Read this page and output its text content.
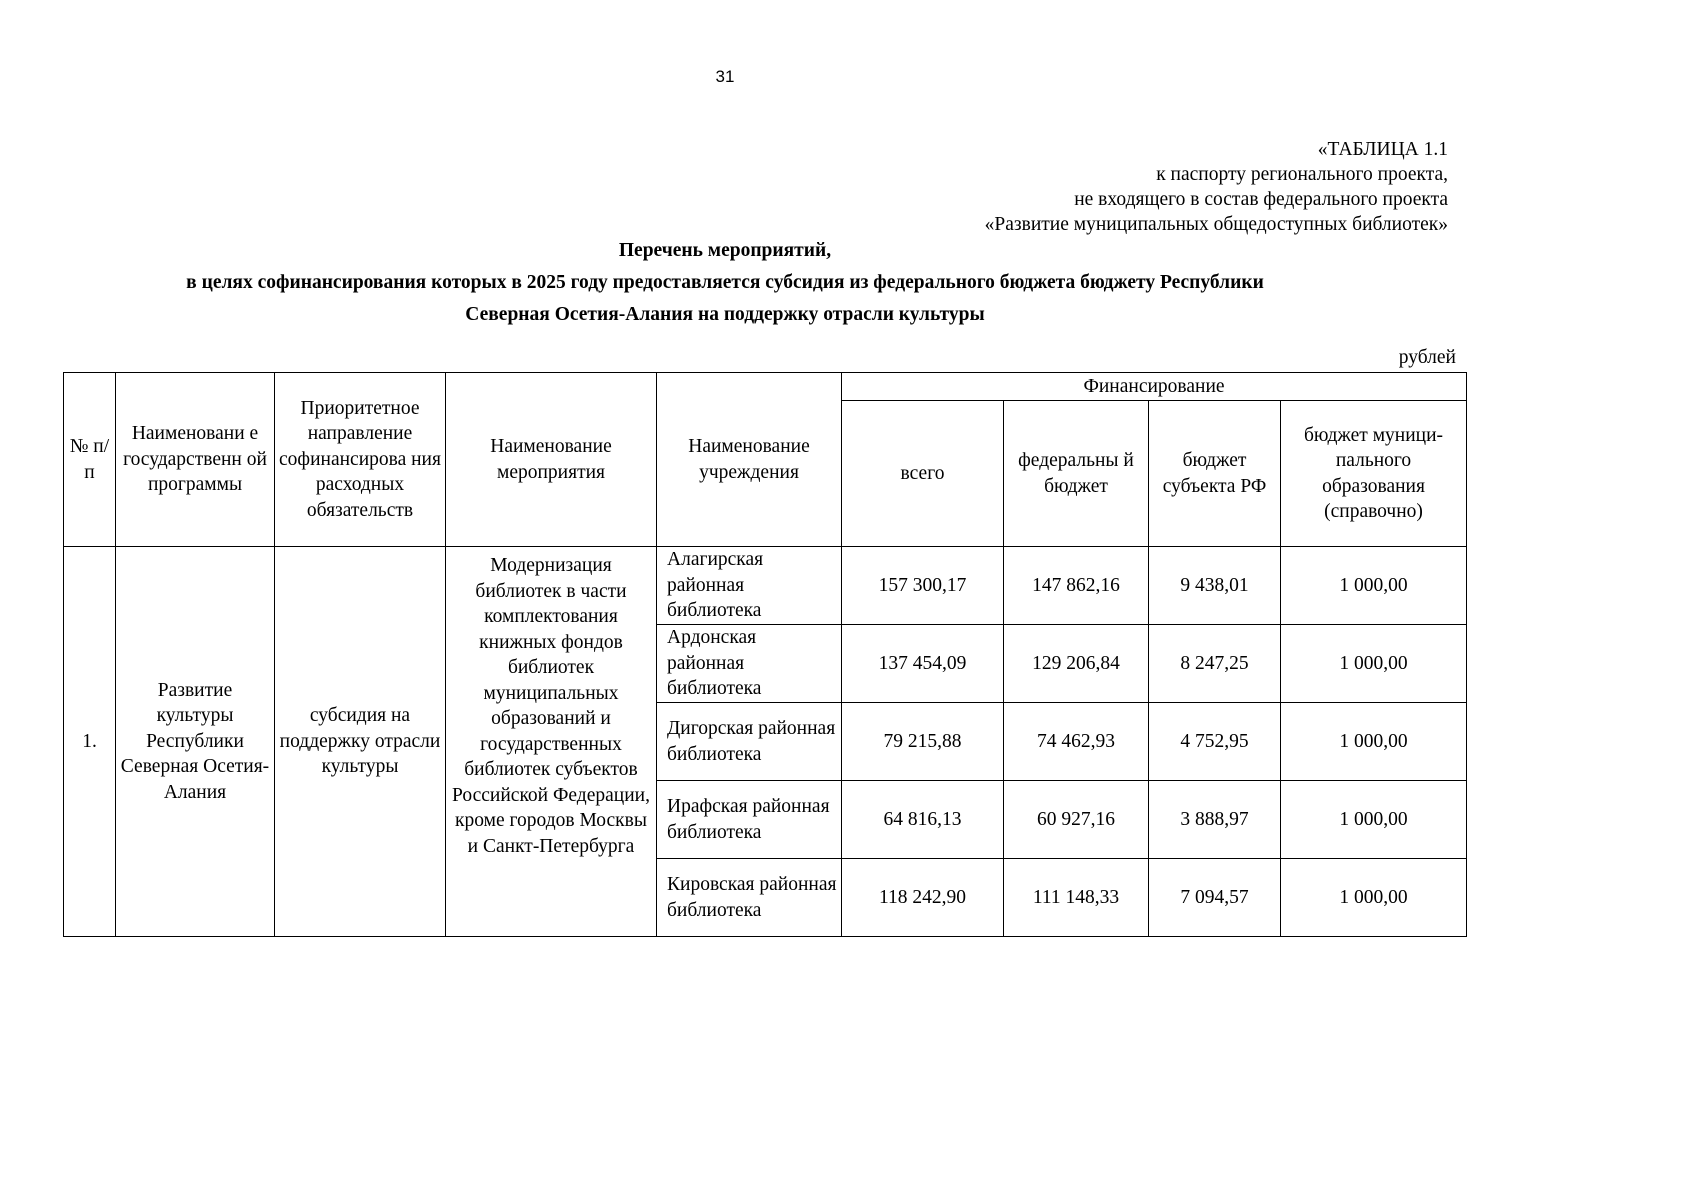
31
«ТАБЛИЦА 1.1
к паспорту регионального проекта,
не входящего в состав федерального проекта
«Развитие муниципальных общедоступных библиотек»
Перечень мероприятий,
в целях софинансирования которых в 2025 году предоставляется субсидия из федерального бюджета бюджету Республики
Северная Осетия-Алания на поддержку отрасли культуры
рублей
№ п/п	Наименовани е государственн ой программы	Приоритетное направление софинансирова ния расходных обязательств	Наименование мероприятия	Наименование учреждения	Финансирование			
					всего	федеральны й бюджет	бюджет субъекта РФ	бюджет муници- пального образования (справочно)
1.	Развитие культуры Республики Северная Осетия- Алания	субсидия на поддержку отрасли культуры	Модернизация библиотек в части комплектования книжных фондов библиотек муниципальных образований и государственных библиотек субъектов Российской Федерации, кроме городов Москвы и Санкт-Петербурга	Алагирская районная библиотека	157 300,17	147 862,16	9 438,01	1 000,00
				Ардонская районная библиотека	137 454,09	129 206,84	8 247,25	1 000,00
				Дигорская районная библиотека	79 215,88	74 462,93	4 752,95	1 000,00
				Ирафская районная библиотека	64 816,13	60 927,16	3 888,97	1 000,00
				Кировская районная библиотека	118 242,90	111 148,33	7 094,57	1 000,00
